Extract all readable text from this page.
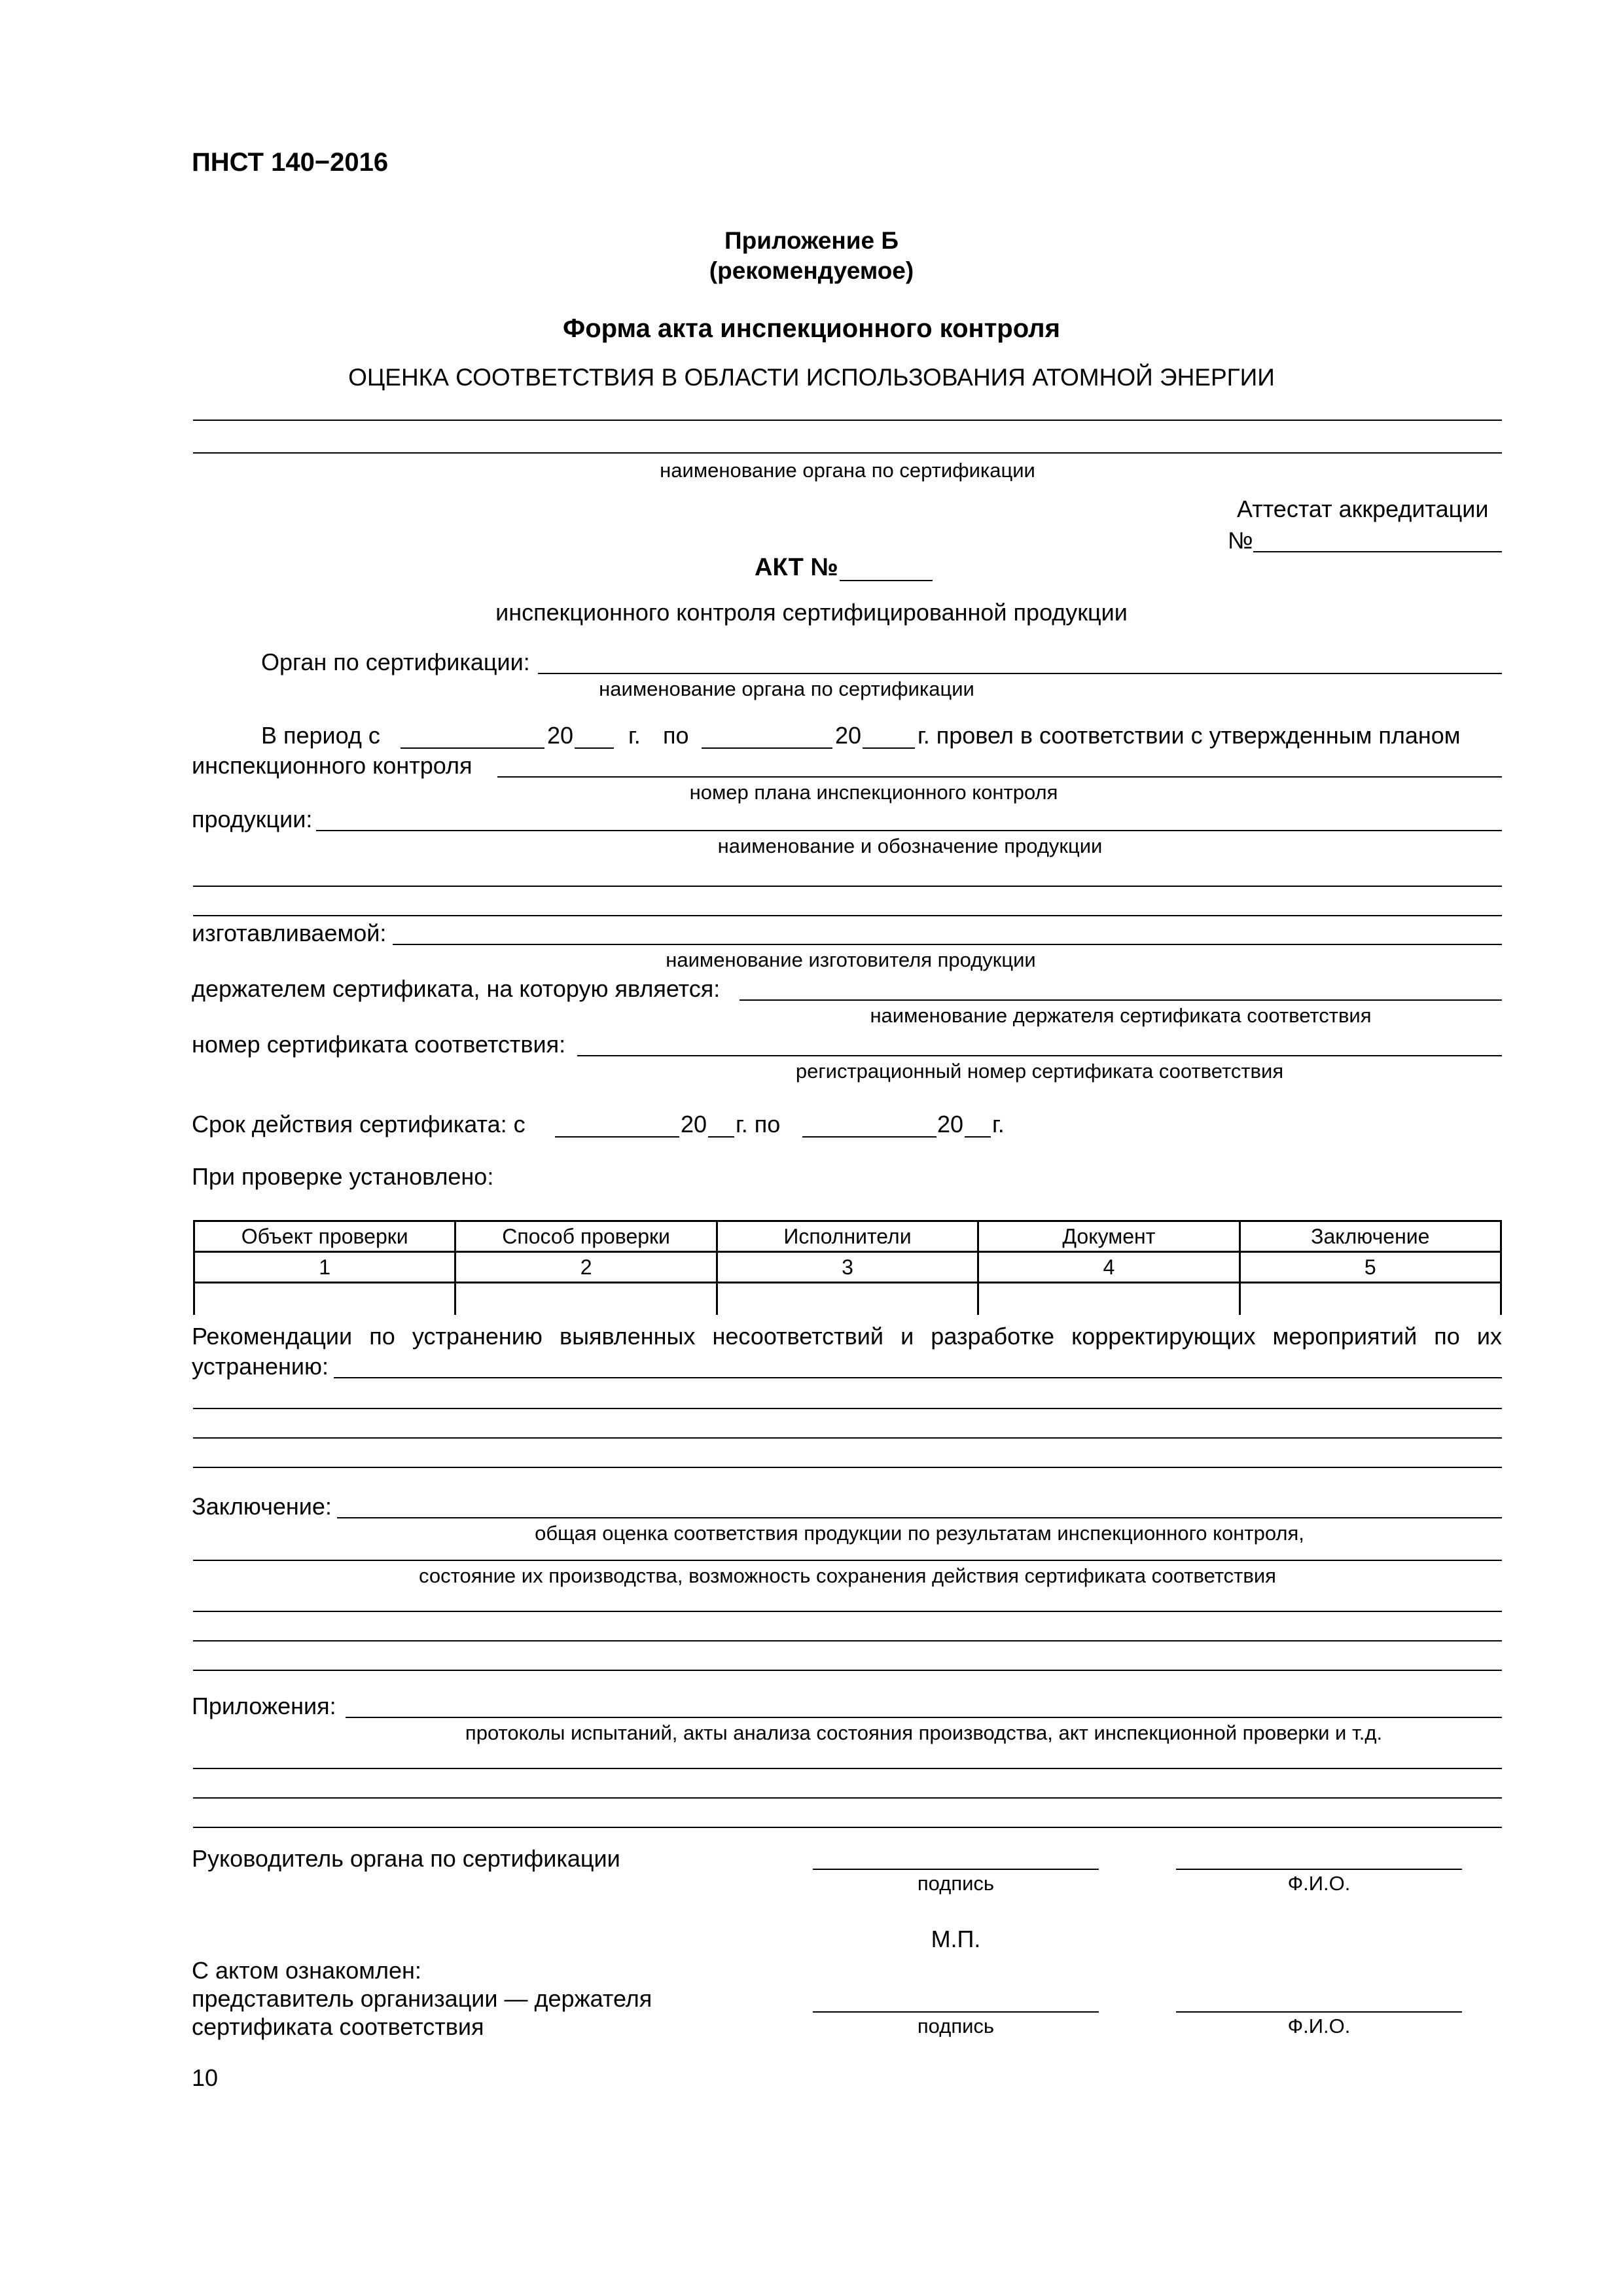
ПНСТ 140−2016
Приложение Б
(рекомендуемое)
Форма акта инспекционного контроля
ОЦЕНКА СООТВЕТСТВИЯ В ОБЛАСТИ ИСПОЛЬЗОВАНИЯ АТОМНОЙ ЭНЕРГИИ
наименование органа по сертификации
Аттестат аккредитации
№
АКТ №
инспекционного контроля сертифицированной продукции
Орган по сертификации:
наименование органа по сертификации
В период с	20 г. по	20 г. провел в соответствии с утвержденным планом
инспекционного контроля
номер плана инспекционного контроля
продукции:
наименование и обозначение продукции
изготавливаемой:
наименование изготовителя продукции
держателем сертификата, на которую является:
наименование держателя сертификата соответствия
номер сертификата соответствия:
регистрационный номер сертификата соответствия
Срок действия сертификата: с	20 г. по	20 г.
При проверке установлено:
Объект проверки	Способ проверки	Исполнители	Документ	Заключение
1	2	3	4	5

Рекомендации по устранению выявленных несоответствий и разработке корректирующих мероприятий по их
устранению:
Заключение:
общая оценка соответствия продукции по результатам инспекционного контроля,
состояние их производства, возможность сохранения действия сертификата соответствия
Приложения:
протоколы испытаний, акты анализа состояния производства, акт инспекционной проверки и т.д.
Руководитель органа по сертификации
подпись	Ф.И.О.
М.П.
С актом ознакомлен:
представитель организации — держателя
сертификата соответствия	подпись	Ф.И.О.
10
